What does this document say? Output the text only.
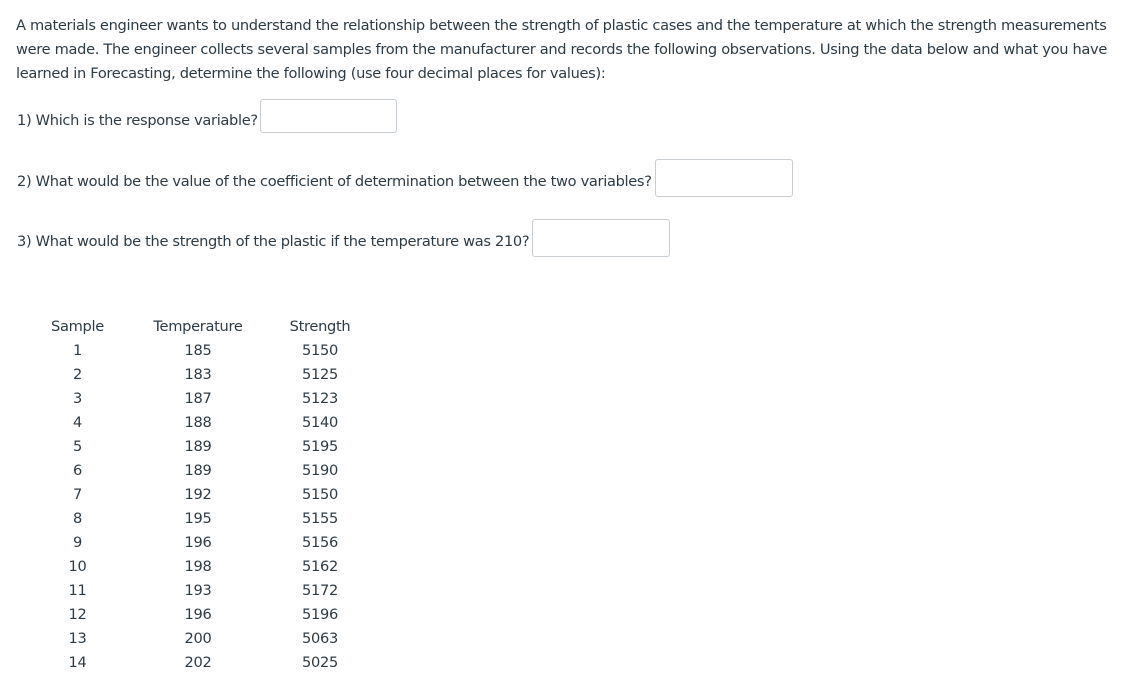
A materials engineer wants to understand the relationship between the strength of plastic cases and the temperature at which the strength measurements were made. The engineer collects several samples from the manufacturer and records the following observations. Using the data below and what you have learned in Forecasting, determine the following (use four decimal places for values):

1) Which is the response variable?
2) What would be the value of the coefficient of determination between the two variables?
3) What would be the strength of the plastic if the temperature was 210?
Sample	Temperature	Strength
1	185	5150
2	183	5125
3	187	5123
4	188	5140
5	189	5195
6	189	5190
7	192	5150
8	195	5155
9	196	5156
10	198	5162
11	193	5172
12	196	5196
13	200	5063
14	202	5025
